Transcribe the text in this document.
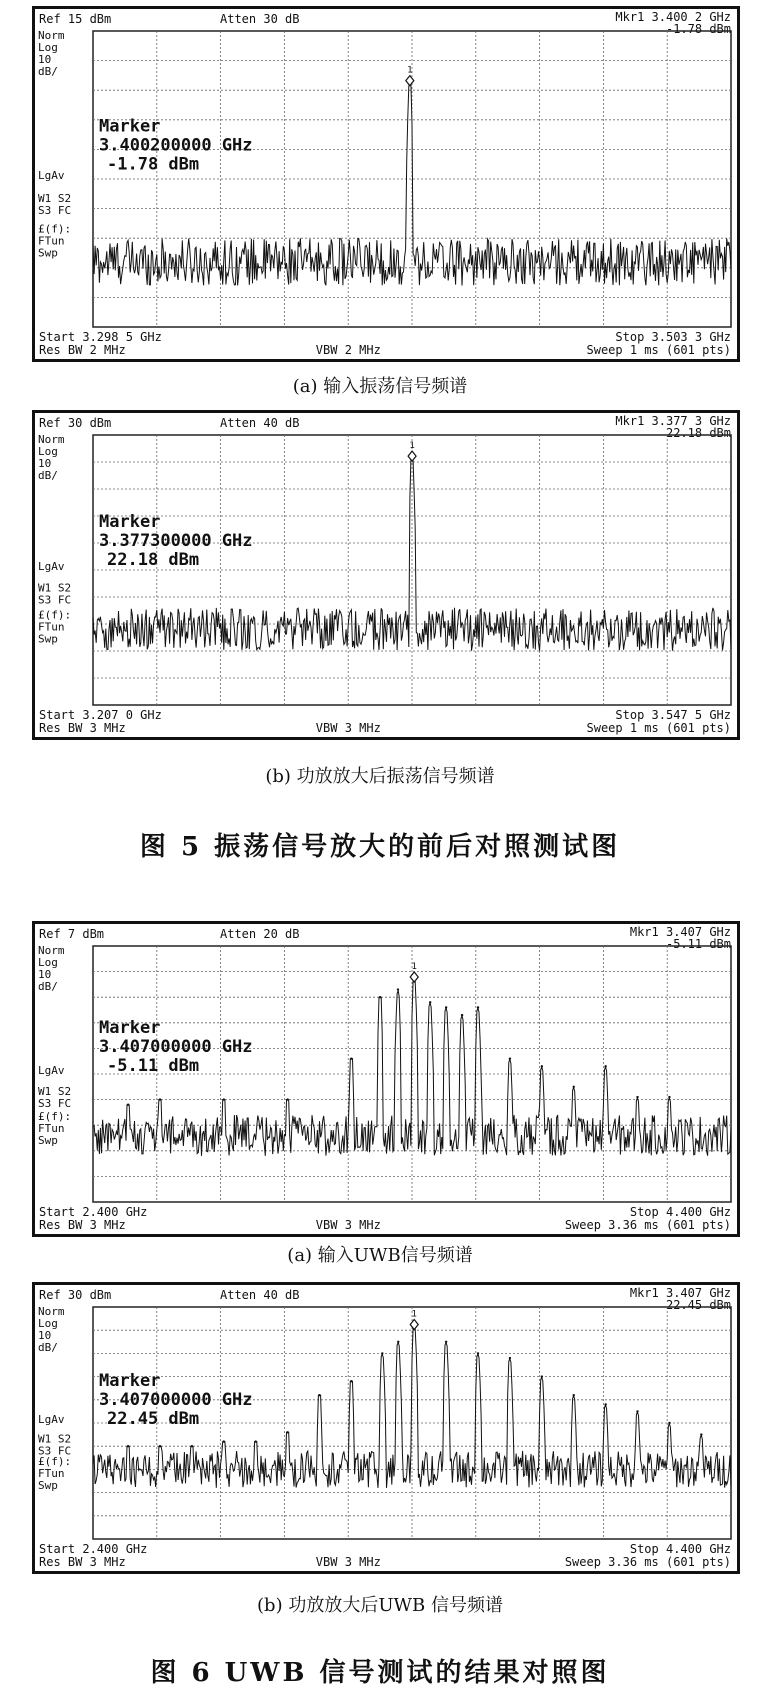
Ref 15 dBm	Atten 30 dB	Mkr1 3.400 2 GHz
-1.78 dBm
Norm
Log
10
dB/
LgAv
W1 S2
S3 FC
£(f):
FTun
Swp
1
Marker
3.400200000 GHz
-1.78 dBm
Start 3.298 5 GHz	Stop 3.503 3 GHz
Res BW 2 MHz	VBW 2 MHz	Sweep 1 ms (601 pts)
(a) 输入振荡信号频谱
Ref 30 dBm	Atten 40 dB	Mkr1 3.377 3 GHz
22.18 dBm
Norm
Log
10
dB/
LgAv
W1 S2
S3 FC
£(f):
FTun
Swp
1
Marker
3.377300000 GHz
22.18 dBm
Start 3.207 0 GHz	Stop 3.547 5 GHz
Res BW 3 MHz	VBW 3 MHz	Sweep 1 ms (601 pts)
(b) 功放放大后振荡信号频谱
图 5 振荡信号放大的前后对照测试图
Ref 7 dBm	Atten 20 dB	Mkr1 3.407 GHz
-5.11 dBm
Norm
Log
10
dB/
LgAv
W1 S2
S3 FC
£(f):
FTun
Swp
1
Marker
3.407000000 GHz
-5.11 dBm
Start 2.400 GHz	Stop 4.400 GHz
Res BW 3 MHz	VBW 3 MHz	Sweep 3.36 ms (601 pts)
(a) 输入UWB信号频谱
Ref 30 dBm	Atten 40 dB	Mkr1 3.407 GHz
22.45 dBm
Norm
Log
10
dB/
LgAv
W1 S2
S3 FC
£(f):
FTun
Swp
1
Marker
3.407000000 GHz
22.45 dBm
Start 2.400 GHz	Stop 4.400 GHz
Res BW 3 MHz	VBW 3 MHz	Sweep 3.36 ms (601 pts)
(b) 功放放大后UWB 信号频谱
图 6 UWB 信号测试的结果对照图
